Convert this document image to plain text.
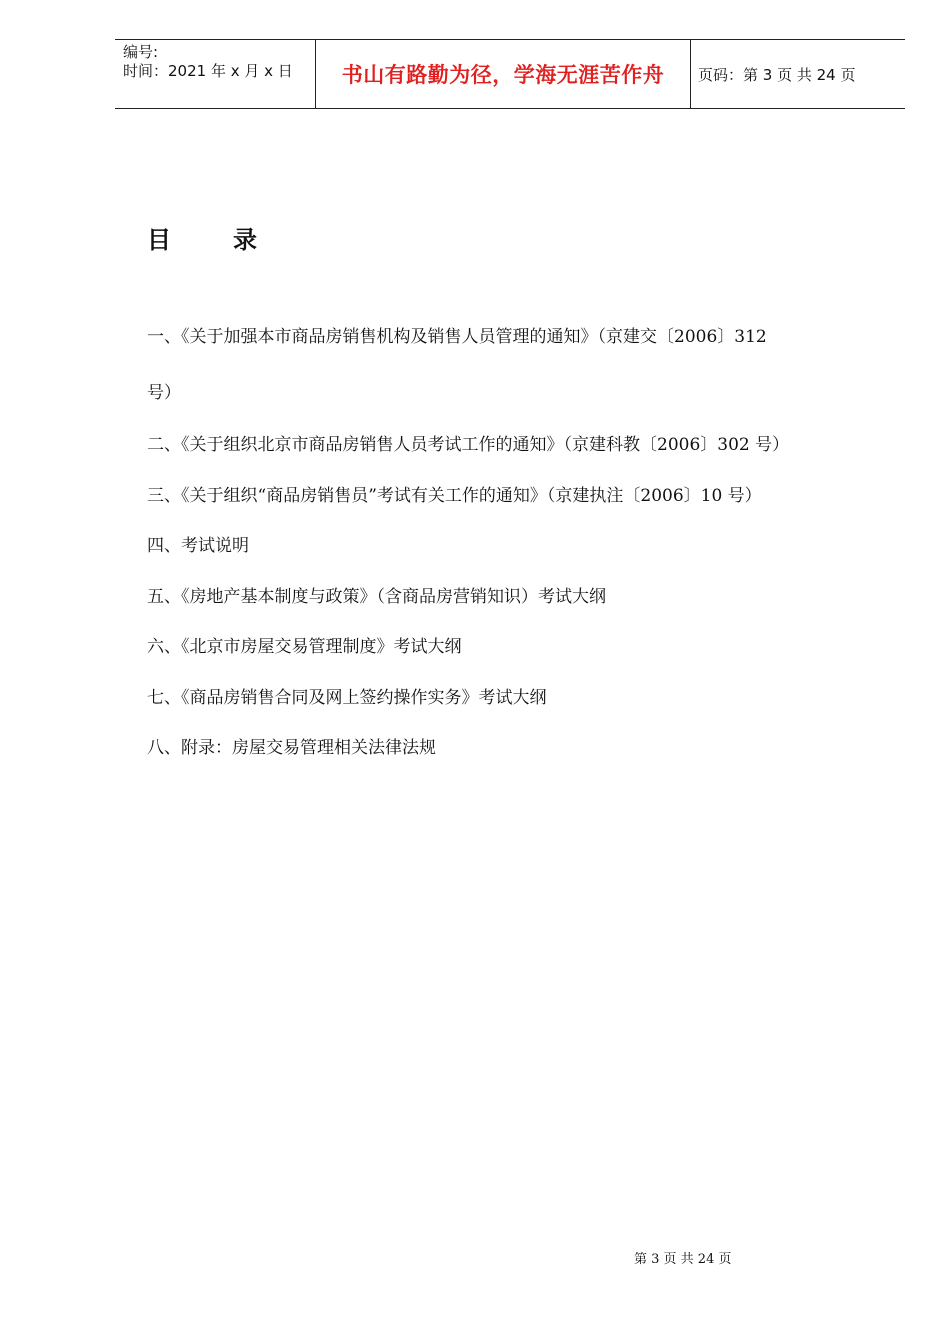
编号:
时间：2021 年 x 月 x 日	书山有路勤为径，学海无涯苦作舟 页码：第 3 页 共 24 页
目	录
一、《关于加强本市商品房销售机构及销售人员管理的通知》（京建交〔2006〕312
号）
二、《关于组织北京市商品房销售人员考试工作的通知》（京建科教〔2006〕302 号）
三、《关于组织“商品房销售员”考试有关工作的通知》（京建执注〔2006〕10 号）
四、考试说明
五、《房地产基本制度与政策》（含商品房营销知识）考试大纲
六、《北京市房屋交易管理制度》考试大纲
七、《商品房销售合同及网上签约操作实务》考试大纲
八、附录：房屋交易管理相关法律法规
第 3 页 共 24 页
